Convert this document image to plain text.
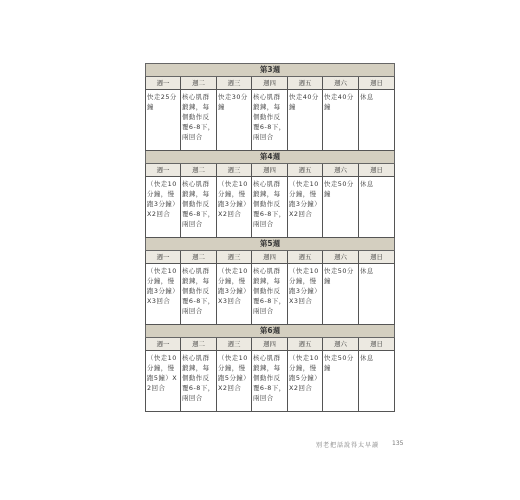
第3週						
週一	週二	週三	週四	週五	週六	週日
快走25分鐘	核心肌群鍛鍊，每個動作反覆6-8下，兩回合	快走30分鐘	核心肌群鍛鍊，每個動作反覆6-8下，兩回合	快走40分鐘	快走40分鐘	休息
第4週						
週一	週二	週三	週四	週五	週六	週日
（快走10分鐘，慢跑3分鐘）X2回合	核心肌群鍛鍊，每個動作反覆6-8下，兩回合	（快走10分鐘，慢跑3分鐘）X2回合	核心肌群鍛鍊，每個動作反覆6-8下，兩回合	（快走10分鐘，慢跑3分鐘）X2回合	快走50分鐘	休息
第5週						
週一	週二	週三	週四	週五	週六	週日
（快走10分鐘，慢跑3分鐘）X3回合	核心肌群鍛鍊，每個動作反覆6-8下，兩回合	（快走10分鐘，慢跑3分鐘）X3回合	核心肌群鍛鍊，每個動作反覆6-8下，兩回合	（快走10分鐘，慢跑3分鐘）X3回合	快走50分鐘	休息
第6週						
週一	週二	週三	週四	週五	週六	週日
（快走10分鐘，慢跑5鐘）X2回合	核心肌群鍛鍊，每個動作反覆6-8下，兩回合	（快走10分鐘，慢跑5分鐘）X2回合	核心肌群鍛鍊，每個動作反覆6-8下，兩回合	（快走10分鐘，慢跑5分鐘）X2回合	快走50分鐘	休息
別老把話說得太早讀 135
